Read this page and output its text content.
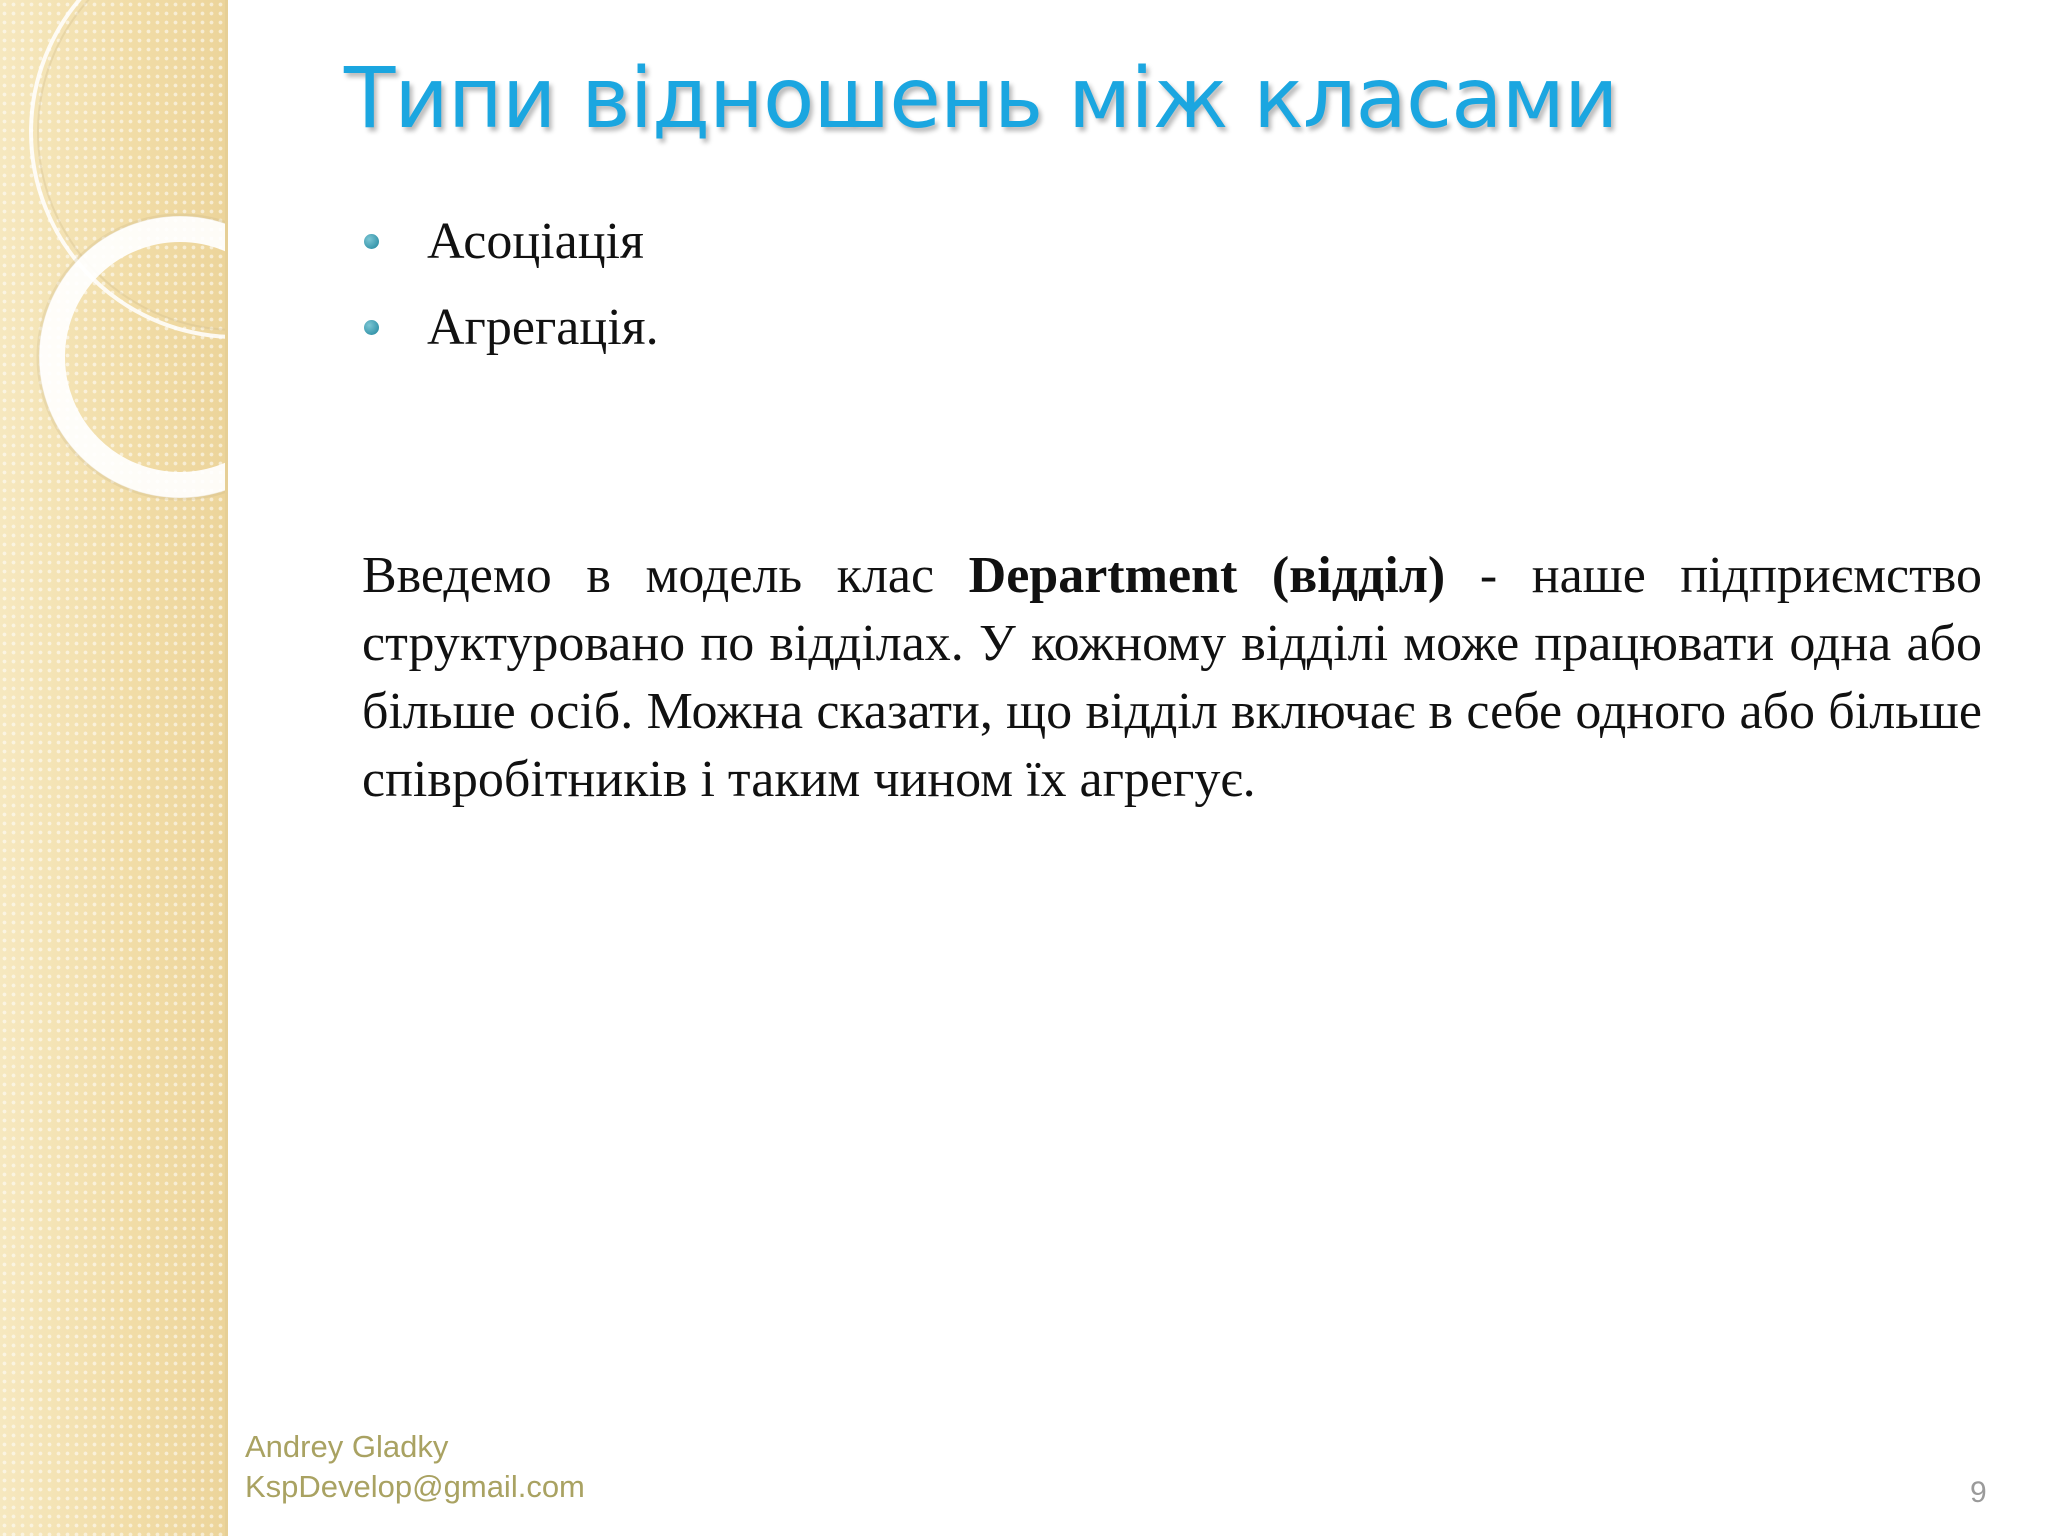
Типи відношень між класами
Асоціація
Агрегація.

Введемо в модель клас Department (відділ) - наше підприємство структуровано по відділах. У кожному відділі може працювати одна або більше осіб. Можна сказати, що відділ включає в себе одного або більше співробітників і таким чином їх агрегує.

Andrey Gladky
KspDevelop@gmail.com	9
